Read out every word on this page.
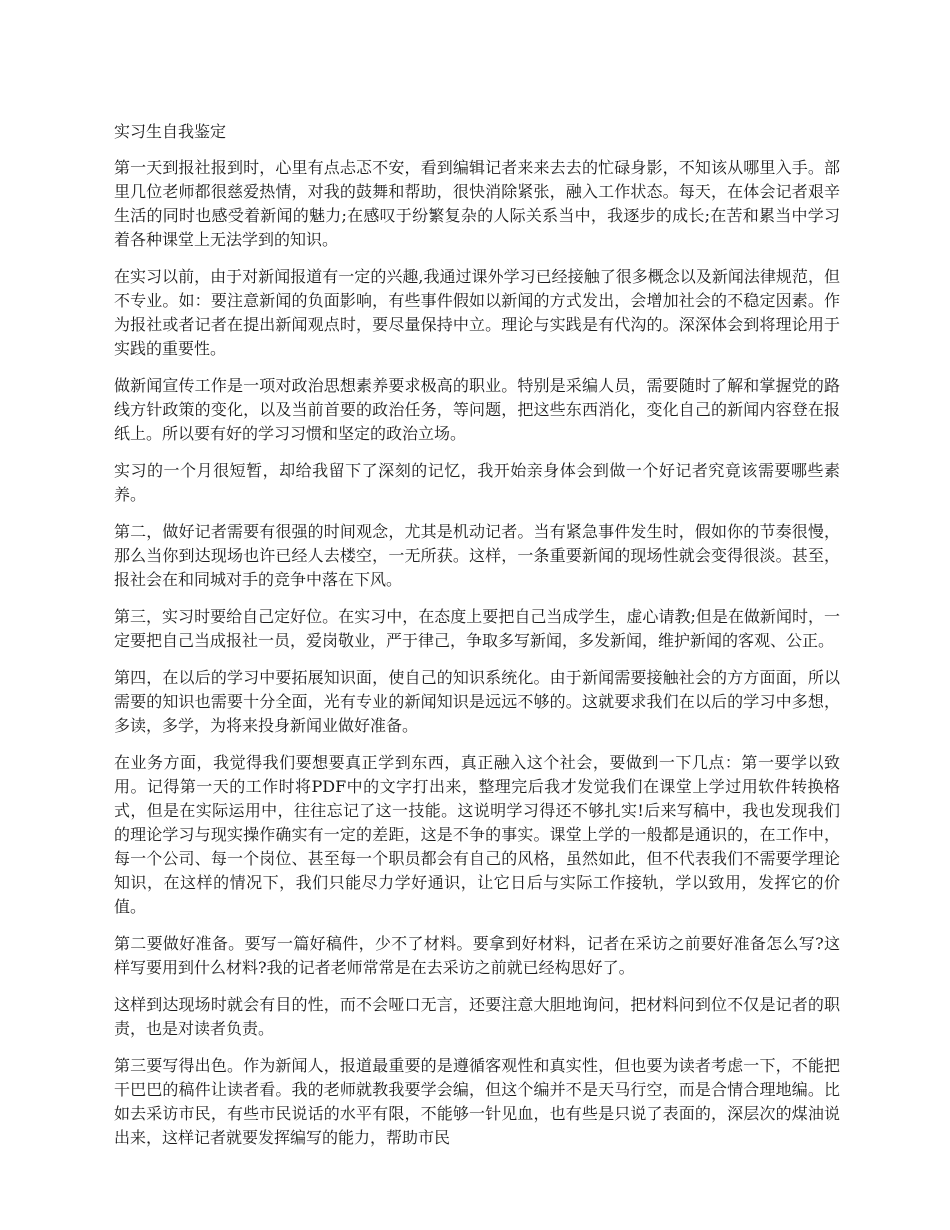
实习生自我鉴定

第一天到报社报到时，心里有点忐忑不安，看到编辑记者来来去去的忙碌身影，不知该从哪里入手。部里几位老师都很慈爱热情，对我的鼓舞和帮助，很快消除紧张，融入工作状态。每天，在体会记者艰辛生活的同时也感受着新闻的魅力;在感叹于纷繁复杂的人际关系当中，我逐步的成长;在苦和累当中学习着各种课堂上无法学到的知识。

在实习以前，由于对新闻报道有一定的兴趣,我通过课外学习已经接触了很多概念以及新闻法律规范，但不专业。如：要注意新闻的负面影响，有些事件假如以新闻的方式发出，会增加社会的不稳定因素。作为报社或者记者在提出新闻观点时，要尽量保持中立。理论与实践是有代沟的。深深体会到将理论用于实践的重要性。

做新闻宣传工作是一项对政治思想素养要求极高的职业。特别是采编人员，需要随时了解和掌握党的路线方针政策的变化，以及当前首要的政治任务，等问题，把这些东西消化，变化自己的新闻内容登在报纸上。所以要有好的学习习惯和坚定的政治立场。

实习的一个月很短暂，却给我留下了深刻的记忆，我开始亲身体会到做一个好记者究竟该需要哪些素养。

第二，做好记者需要有很强的时间观念，尤其是机动记者。当有紧急事件发生时，假如你的节奏很慢，那么当你到达现场也许已经人去楼空，一无所获。这样，一条重要新闻的现场性就会变得很淡。甚至，报社会在和同城对手的竞争中落在下风。

第三，实习时要给自己定好位。在实习中，在态度上要把自己当成学生，虚心请教;但是在做新闻时，一定要把自己当成报社一员，爱岗敬业，严于律己，争取多写新闻，多发新闻，维护新闻的客观、公正。

第四，在以后的学习中要拓展知识面，使自己的知识系统化。由于新闻需要接触社会的方方面面，所以需要的知识也需要十分全面，光有专业的新闻知识是远远不够的。这就要求我们在以后的学习中多想，多读，多学，为将来投身新闻业做好准备。

在业务方面，我觉得我们要想要真正学到东西，真正融入这个社会，要做到一下几点：第一要学以致用。记得第一天的工作时将PDF中的文字打出来，整理完后我才发觉我们在课堂上学过用软件转换格式，但是在实际运用中，往往忘记了这一技能。这说明学习得还不够扎实!后来写稿中，我也发现我们的理论学习与现实操作确实有一定的差距，这是不争的事实。课堂上学的一般都是通识的，在工作中，每一个公司、每一个岗位、甚至每一个职员都会有自己的风格，虽然如此，但不代表我们不需要学理论知识，在这样的情况下，我们只能尽力学好通识，让它日后与实际工作接轨，学以致用，发挥它的价值。

第二要做好准备。要写一篇好稿件，少不了材料。要拿到好材料，记者在采访之前要好准备怎么写?这样写要用到什么材料?我的记者老师常常是在去采访之前就已经构思好了。

这样到达现场时就会有目的性，而不会哑口无言，还要注意大胆地询问，把材料问到位不仅是记者的职责，也是对读者负责。

第三要写得出色。作为新闻人，报道最重要的是遵循客观性和真实性，但也要为读者考虑一下，不能把干巴巴的稿件让读者看。我的老师就教我要学会编，但这个编并不是天马行空，而是合情合理地编。比如去采访市民，有些市民说话的水平有限，不能够一针见血，也有些是只说了表面的，深层次的煤油说出来，这样记者就要发挥编写的能力，帮助市民
